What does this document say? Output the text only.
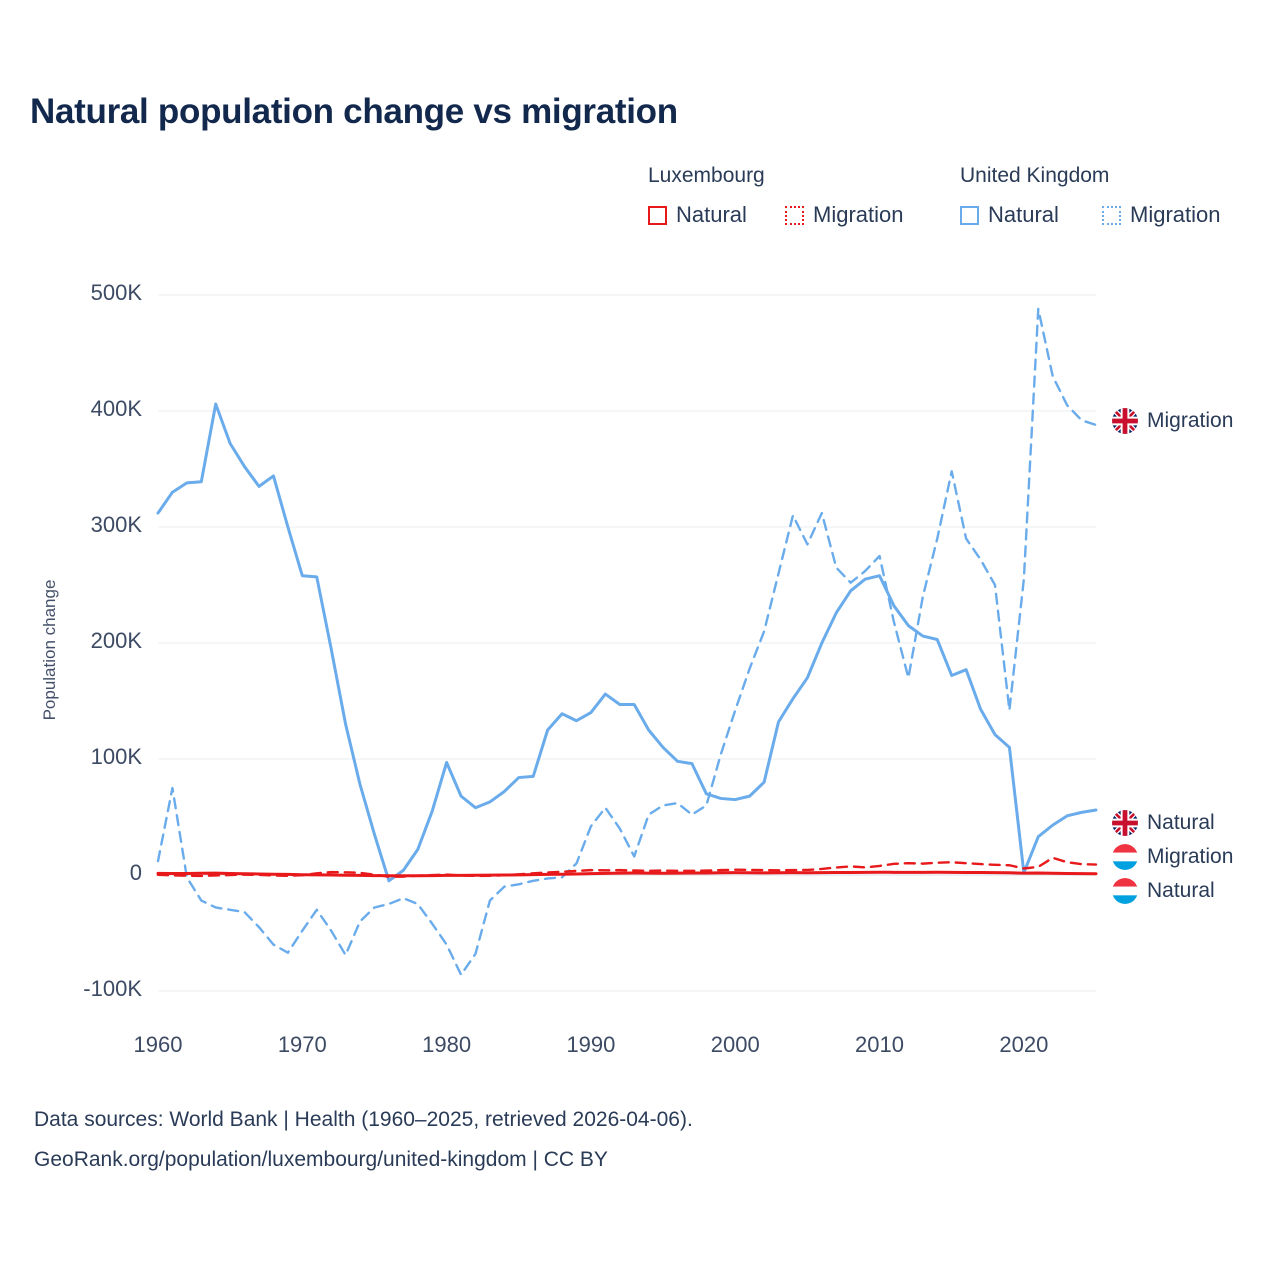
Natural population change vs migration
Luxembourg	United Kingdom
Natural	Migration	Natural	Migration
Population change
-100K
0
100K
200K
300K
400K
500K
1960	1970	1980	1990	2000	2010	2020
Migration
Natural
Migration
Natural
Data sources: World Bank | Health (1960–2025, retrieved 2026-04-06).
GeoRank.org/population/luxembourg/united-kingdom | CC BY
